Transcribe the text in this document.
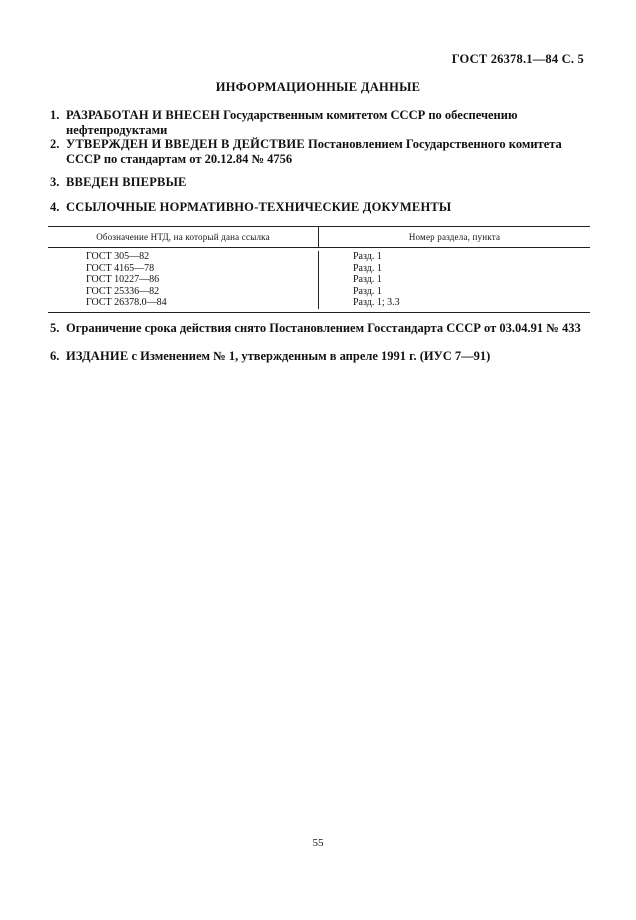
ГОСТ 26378.1—84 С. 5
ИНФОРМАЦИОННЫЕ ДАННЫЕ
1. РАЗРАБОТАН И ВНЕСЕН Государственным комитетом СССР по обеспечению нефтепродуктами
2. УТВЕРЖДЕН И ВВЕДЕН В ДЕЙСТВИЕ Постановлением Государственного комитета СССР по стандартам от 20.12.84 № 4756
3. ВВЕДЕН ВПЕРВЫЕ
4. ССЫЛОЧНЫЕ НОРМАТИВНО-ТЕХНИЧЕСКИЕ ДОКУМЕНТЫ
Обозначение НТД, на который дана ссылка	Номер раздела, пункта
ГОСТ 305—82
ГОСТ 4165—78
ГОСТ 10227—86
ГОСТ 25336—82
ГОСТ 26378.0—84
Разд. 1
Разд. 1
Разд. 1
Разд. 1
Разд. 1; 3.3
5. Ограничение срока действия снято Постановлением Госстандарта СССР от 03.04.91 № 433
6. ИЗДАНИЕ с Изменением № 1, утвержденным в апреле 1991 г. (ИУС 7—91)
55
